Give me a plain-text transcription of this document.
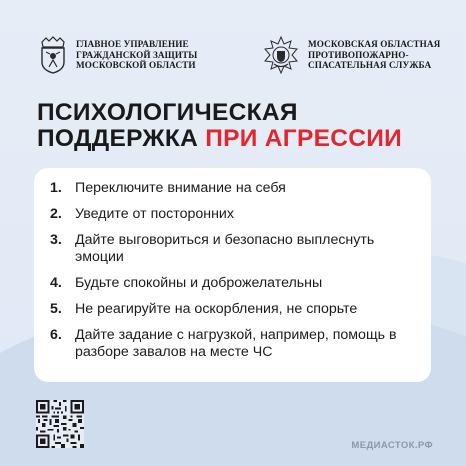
ГЛАВНОЕ УПРАВЛЕНИЕ
ГРАЖДАНСКОЙ ЗАЩИТЫ
МОСКОВСКОЙ ОБЛАСТИ
МОСКОВСКАЯ ОБЛАСТНАЯ
ПРОТИВОПОЖАРНО-
СПАСАТЕЛЬНАЯ СЛУЖБА
ПСИХОЛОГИЧЕСКАЯ
ПОДДЕРЖКА ПРИ АГРЕССИИ
1. Переключите внимание на себя
2. Уведите от посторонних
3. Дайте выговориться и безопасно выплеснуть эмоции
4. Будьте спокойны и доброжелательны
5. Не реагируйте на оскорбления, не спорьте
6. Дайте задание с нагрузкой, например, помощь в разборе завалов на месте ЧС
МЕДИАСТОК.РФ
